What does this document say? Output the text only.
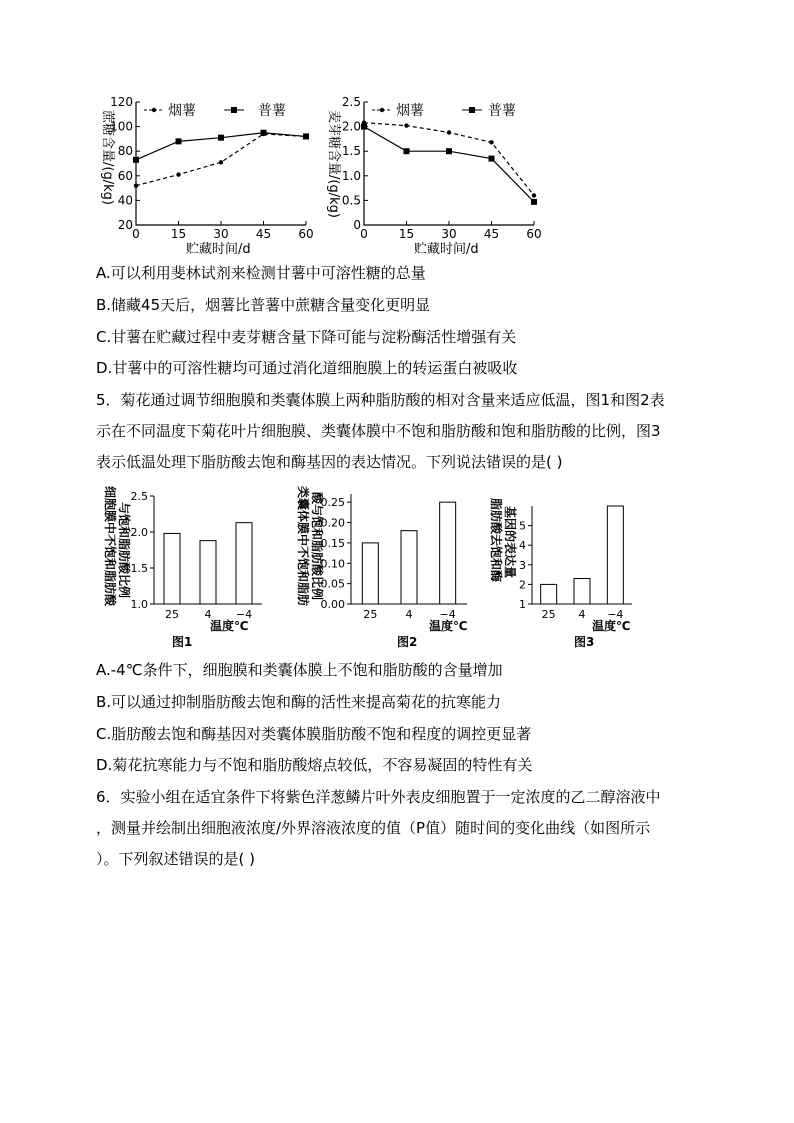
蔗糖含量/(g/kg)
20
40
60
80
100
120
0	15 30 45 60
烟薯	普薯
贮藏时间/d
麦芽糖含量/(g/kg)
0
0.5
1.0
1.5
2.0
2.5
0	15 30 45 60
烟薯	普薯
贮藏时间/d
A.可以利用斐林试剂来检测甘薯中可溶性糖的总量
B.储藏45天后，烟薯比普薯中蔗糖含量变化更明显
C.甘薯在贮藏过程中麦芽糖含量下降可能与淀粉酶活性增强有关
D.甘薯中的可溶性糖均可通过消化道细胞膜上的转运蛋白被吸收
5．菊花通过调节细胞膜和类囊体膜上两种脂肪酸的相对含量来适应低温，图1和图2表
示在不同温度下菊花叶片细胞膜、类囊体膜中不饱和脂肪酸和饱和脂肪酸的比例，图3
表示低温处理下脂肪酸去饱和酶基因的表达情况。下列说法错误的是( )
细胞膜中不饱和脂肪酸 与饱和脂肪酸比例
1.0
1.5
2.0
2.5
25 4 −4
温度℃
图1
类囊体膜中不饱和脂肪 酸与饱和脂肪酸比例
0.00
0.05
0.10
0.15
0.20
0.25
25	4 −4
温度℃
图2
脂肪酸去饱和酶 基因的表达量
1
2
3
4
5
25 4 −4
温度℃
图3
A.-4℃条件下，细胞膜和类囊体膜上不饱和脂肪酸的含量增加
B.可以通过抑制脂肪酸去饱和酶的活性来提高菊花的抗寒能力
C.脂肪酸去饱和酶基因对类囊体膜脂肪酸不饱和程度的调控更显著
D.菊花抗寒能力与不饱和脂肪酸熔点较低，不容易凝固的特性有关
6．实验小组在适宜条件下将紫色洋葱鳞片叶外表皮细胞置于一定浓度的乙二醇溶液中
，测量并绘制出细胞液浓度/外界溶液浓度的值（P值）随时间的变化曲线（如图所示
）。下列叙述错误的是( )
